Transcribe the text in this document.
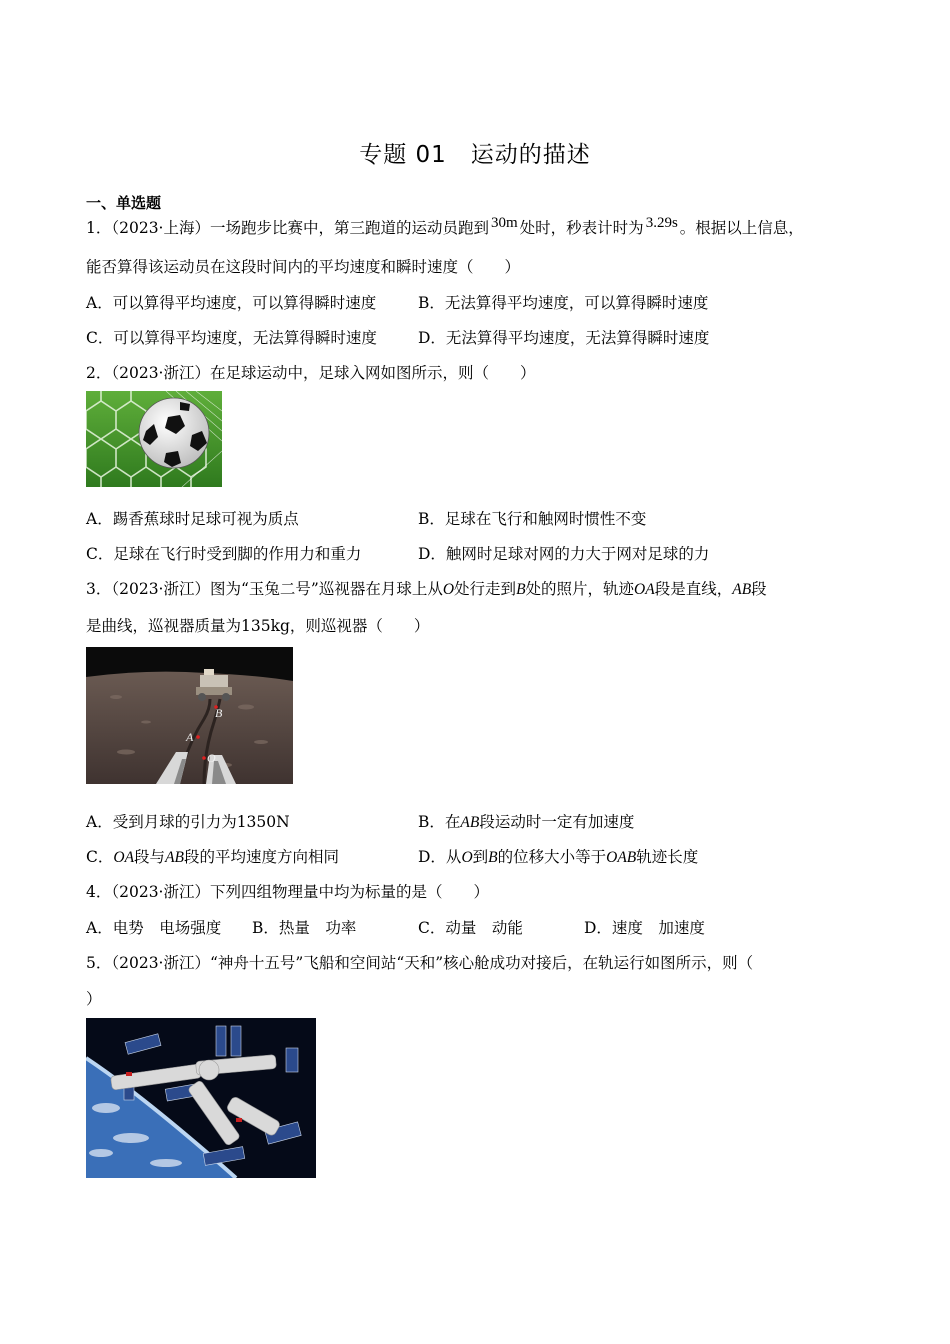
专题 01　运动的描述
一、单选题
1．（2023·上海）一场跑步比赛中，第三跑道的运动员跑到 30m 处时，秒表计时为 3.29s 。根据以上信息，
能否算得该运动员在这段时间内的平均速度和瞬时速度（　　）
A．可以算得平均速度，可以算得瞬时速度	B．无法算得平均速度，可以算得瞬时速度
C．可以算得平均速度，无法算得瞬时速度	D．无法算得平均速度，无法算得瞬时速度
2．（2023·浙江）在足球运动中，足球入网如图所示，则（　　）
A．踢香蕉球时足球可视为质点	B．足球在飞行和触网时惯性不变
C．足球在飞行时受到脚的作用力和重力	D．触网时足球对网的力大于网对足球的力
3．（2023·浙江）图为“玉兔二号”巡视器在月球上从O处行走到B处的照片，轨迹OA段是直线，AB段
是曲线，巡视器质量为135kg，则巡视器（　　）
A
O
B
A．受到月球的引力为1350N	B．在AB段运动时一定有加速度
C．OA段与AB段的平均速度方向相同	D．从O到B的位移大小等于OAB轨迹长度
4．（2023·浙江）下列四组物理量中均为标量的是（　　）
A．电势　电场强度 B．热量　功率	C．动量　动能	D．速度　加速度
5．（2023·浙江）“神舟十五号”飞船和空间站“天和”核心舱成功对接后，在轨运行如图所示，则（
）
